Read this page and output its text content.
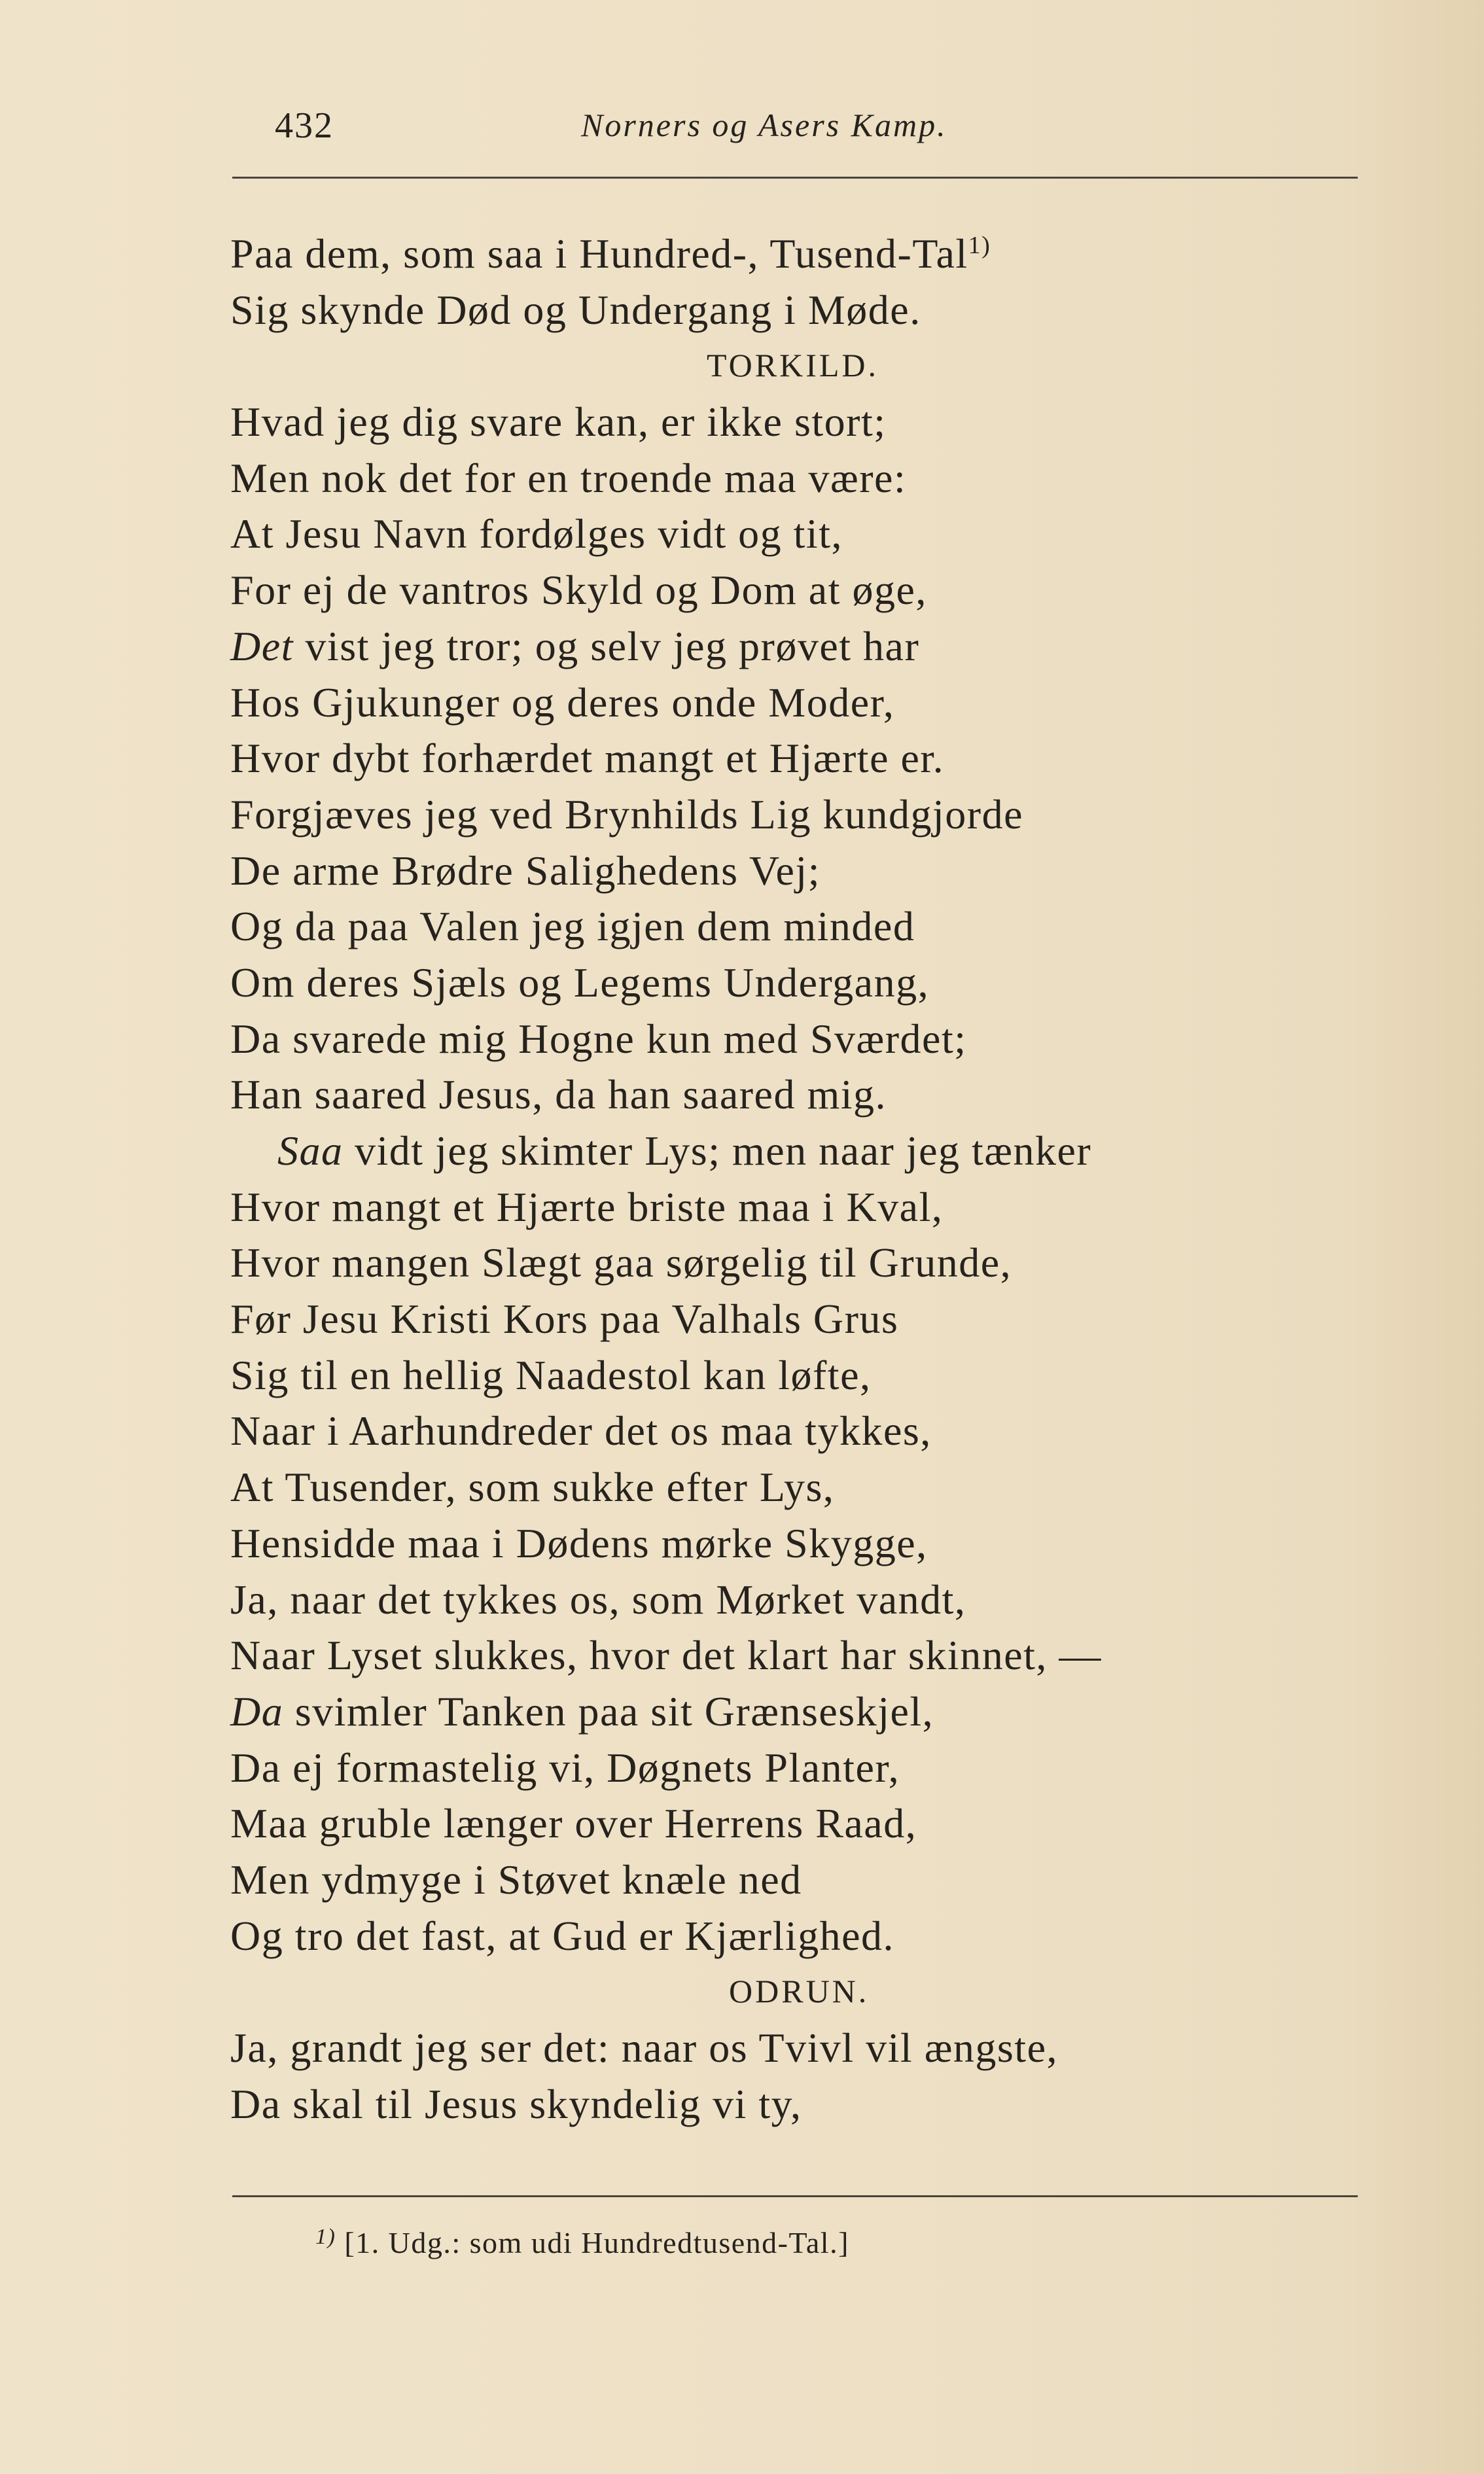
432	Norners og Asers Kamp.
Paa dem, som saa i Hundred-, Tusend-Tal$^{1)}$
Sig skynde Død og Undergang i Møde.
TORKILD.
Hvad jeg dig svare kan, er ikke stort;
Men nok det for en troende maa være:
At Jesu Navn fordølges vidt og tit,
For ej de vantros Skyld og Dom at øge,
Det vist jeg tror; og selv jeg prøvet har
Hos Gjukunger og deres onde Moder,
Hvor dybt forhærdet mangt et Hjærte er.
Forgjæves jeg ved Brynhilds Lig kundgjorde
De arme Brødre Salighedens Vej;
Og da paa Valen jeg igjen dem minded
Om deres Sjæls og Legems Undergang,
Da svarede mig Hogne kun med Sværdet;
Han saared Jesus, da han saared mig.
Saa vidt jeg skimter Lys; men naar jeg tænker
Hvor mangt et Hjærte briste maa i Kval,
Hvor mangen Slægt gaa sørgelig til Grunde,
Før Jesu Kristi Kors paa Valhals Grus
Sig til en hellig Naadestol kan løfte,
Naar i Aarhundreder det os maa tykkes,
At Tusender, som sukke efter Lys,
Hensidde maa i Dødens mørke Skygge,
Ja, naar det tykkes os, som Mørket vandt,
Naar Lyset slukkes, hvor det klart har skinnet, —
Da svimler Tanken paa sit Grænseskjel,
Da ej formastelig vi, Døgnets Planter,
Maa gruble længer over Herrens Raad,
Men ydmyge i Støvet knæle ned
Og tro det fast, at Gud er Kjærlighed.
ODRUN.
Ja, grandt jeg ser det: naar os Tvivl vil ængste,
Da skal til Jesus skyndelig vi ty,
$^{1)}$ [1. Udg.: som udi Hundredtusend-Tal.]
